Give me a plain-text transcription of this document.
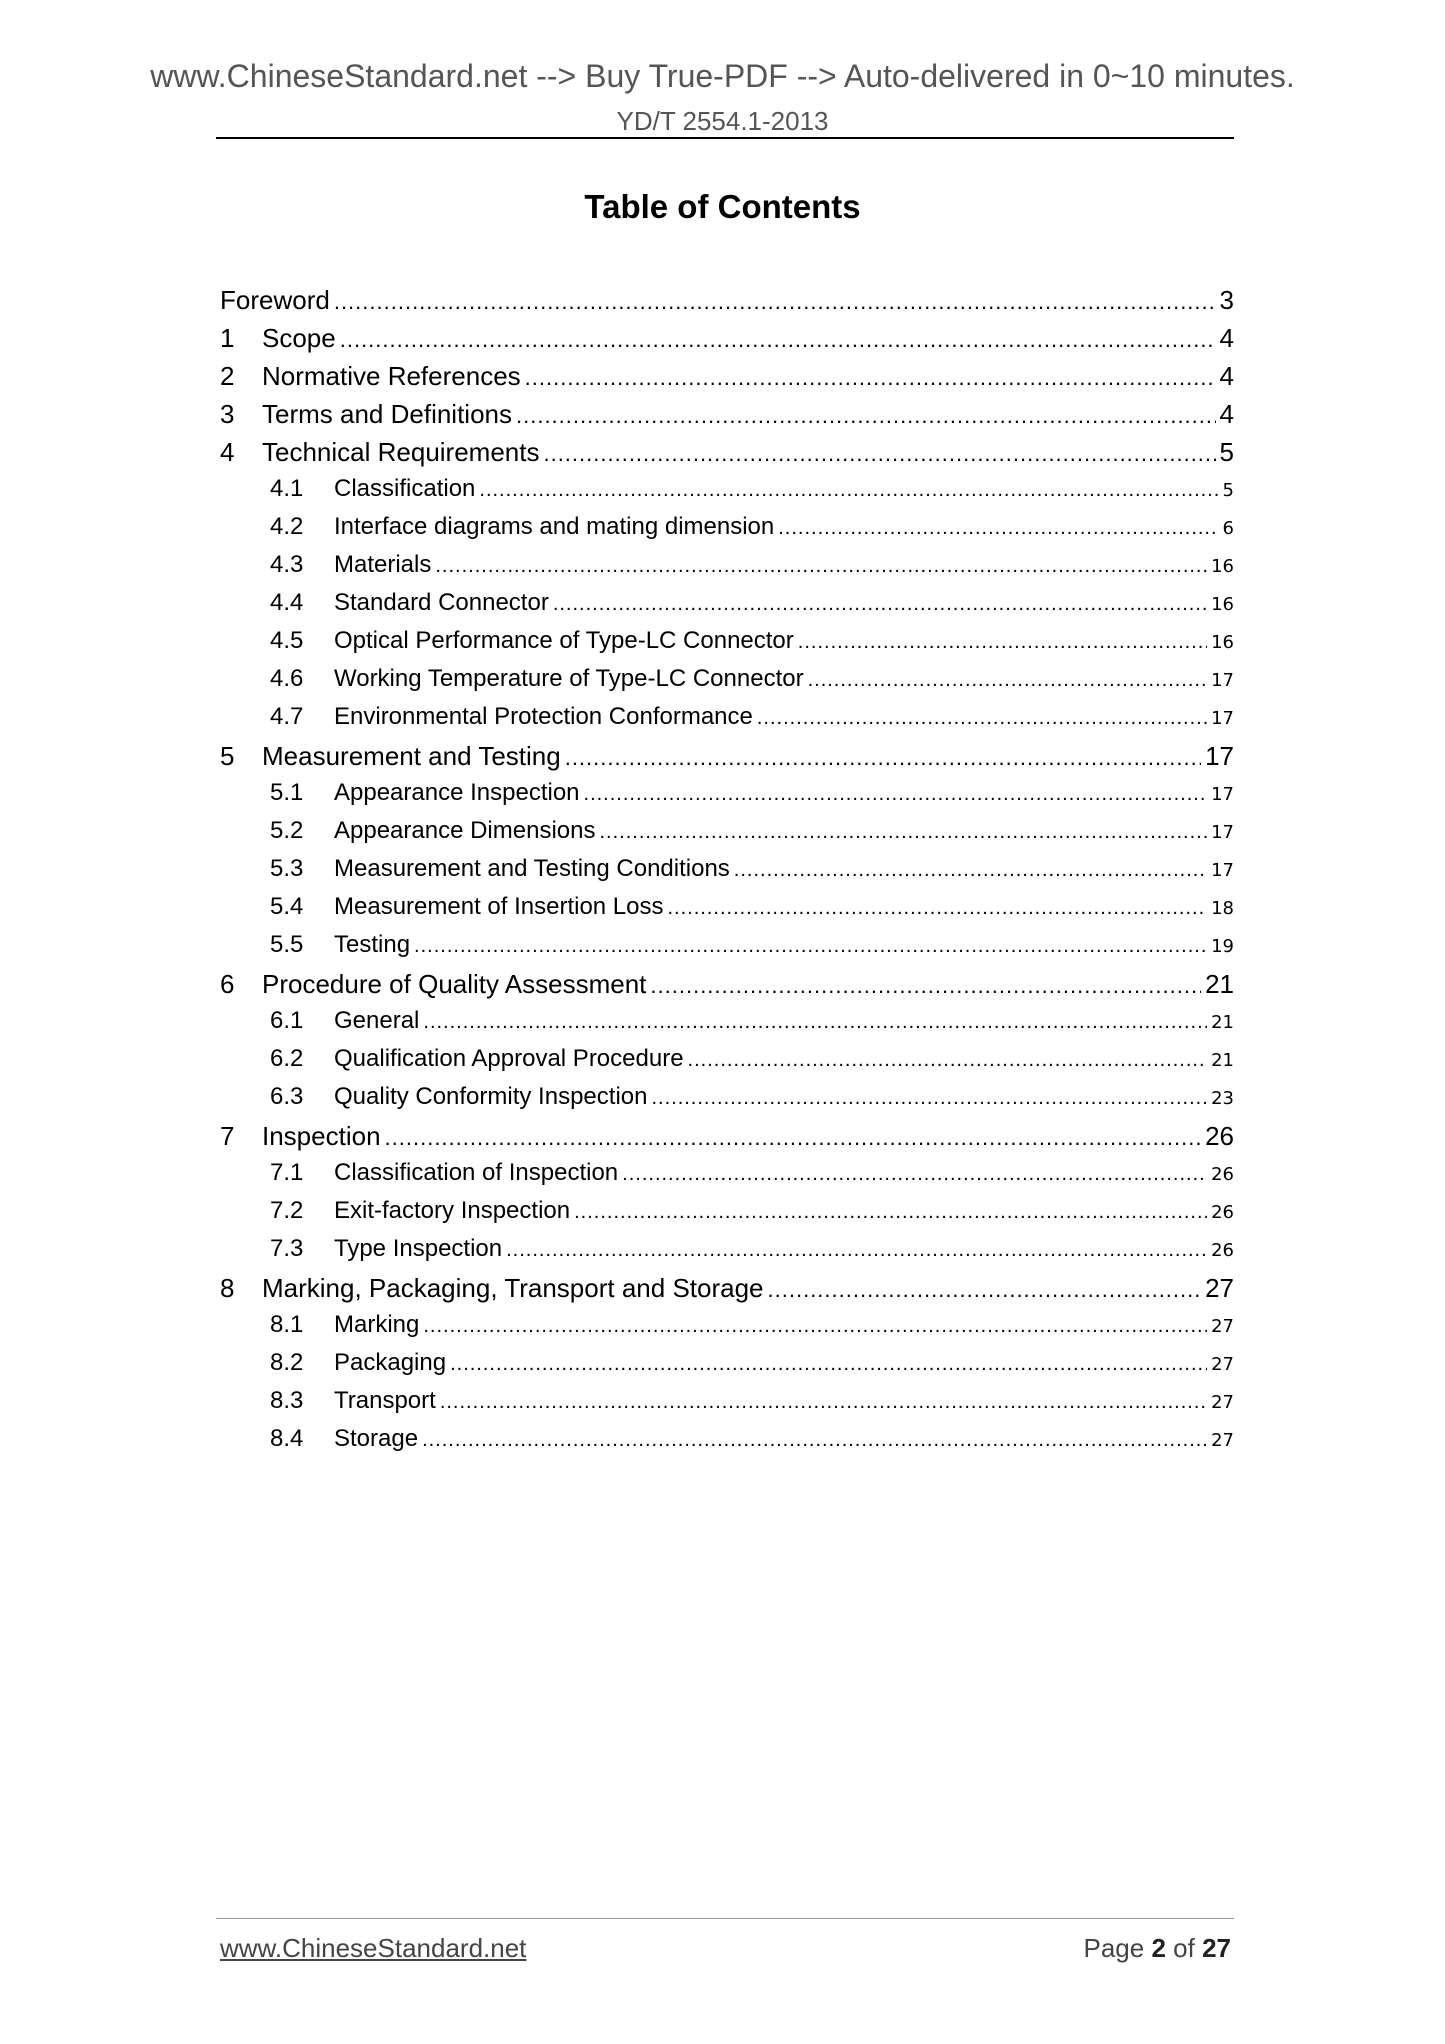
www.ChineseStandard.net --> Buy True-PDF --> Auto-delivered in 0~10 minutes.
YD/T 2554.1-2013
Table of Contents
Foreword .....	3
1	Scope .....	4
2	Normative References .....	4
3	Terms and Definitions .....	4
4	Technical Requirements .....	5
4.1	Classification .....	5
4.2	Interface diagrams and mating dimension .....	6
4.3	Materials .....	16
4.4	Standard Connector .....	16
4.5	Optical Performance of Type-LC Connector .....	16
4.6	Working Temperature of Type-LC Connector .....	17
4.7	Environmental Protection Conformance .....	17
5	Measurement and Testing .....	17
5.1	Appearance Inspection .....	17
5.2	Appearance Dimensions .....	17
5.3	Measurement and Testing Conditions .....	17
5.4	Measurement of Insertion Loss .....	18
5.5	Testing .....	19
6	Procedure of Quality Assessment .....	21
6.1	General .....	21
6.2	Qualification Approval Procedure .....	21
6.3	Quality Conformity Inspection .....	23
7	Inspection .....	26
7.1	Classification of Inspection .....	26
7.2	Exit-factory Inspection .....	26
7.3	Type Inspection .....	26
8	Marking, Packaging, Transport and Storage .....	27
8.1	Marking .....	27
8.2	Packaging .....	27
8.3	Transport .....	27
8.4	Storage .....	27
www.ChineseStandard.net	Page 2 of 27
